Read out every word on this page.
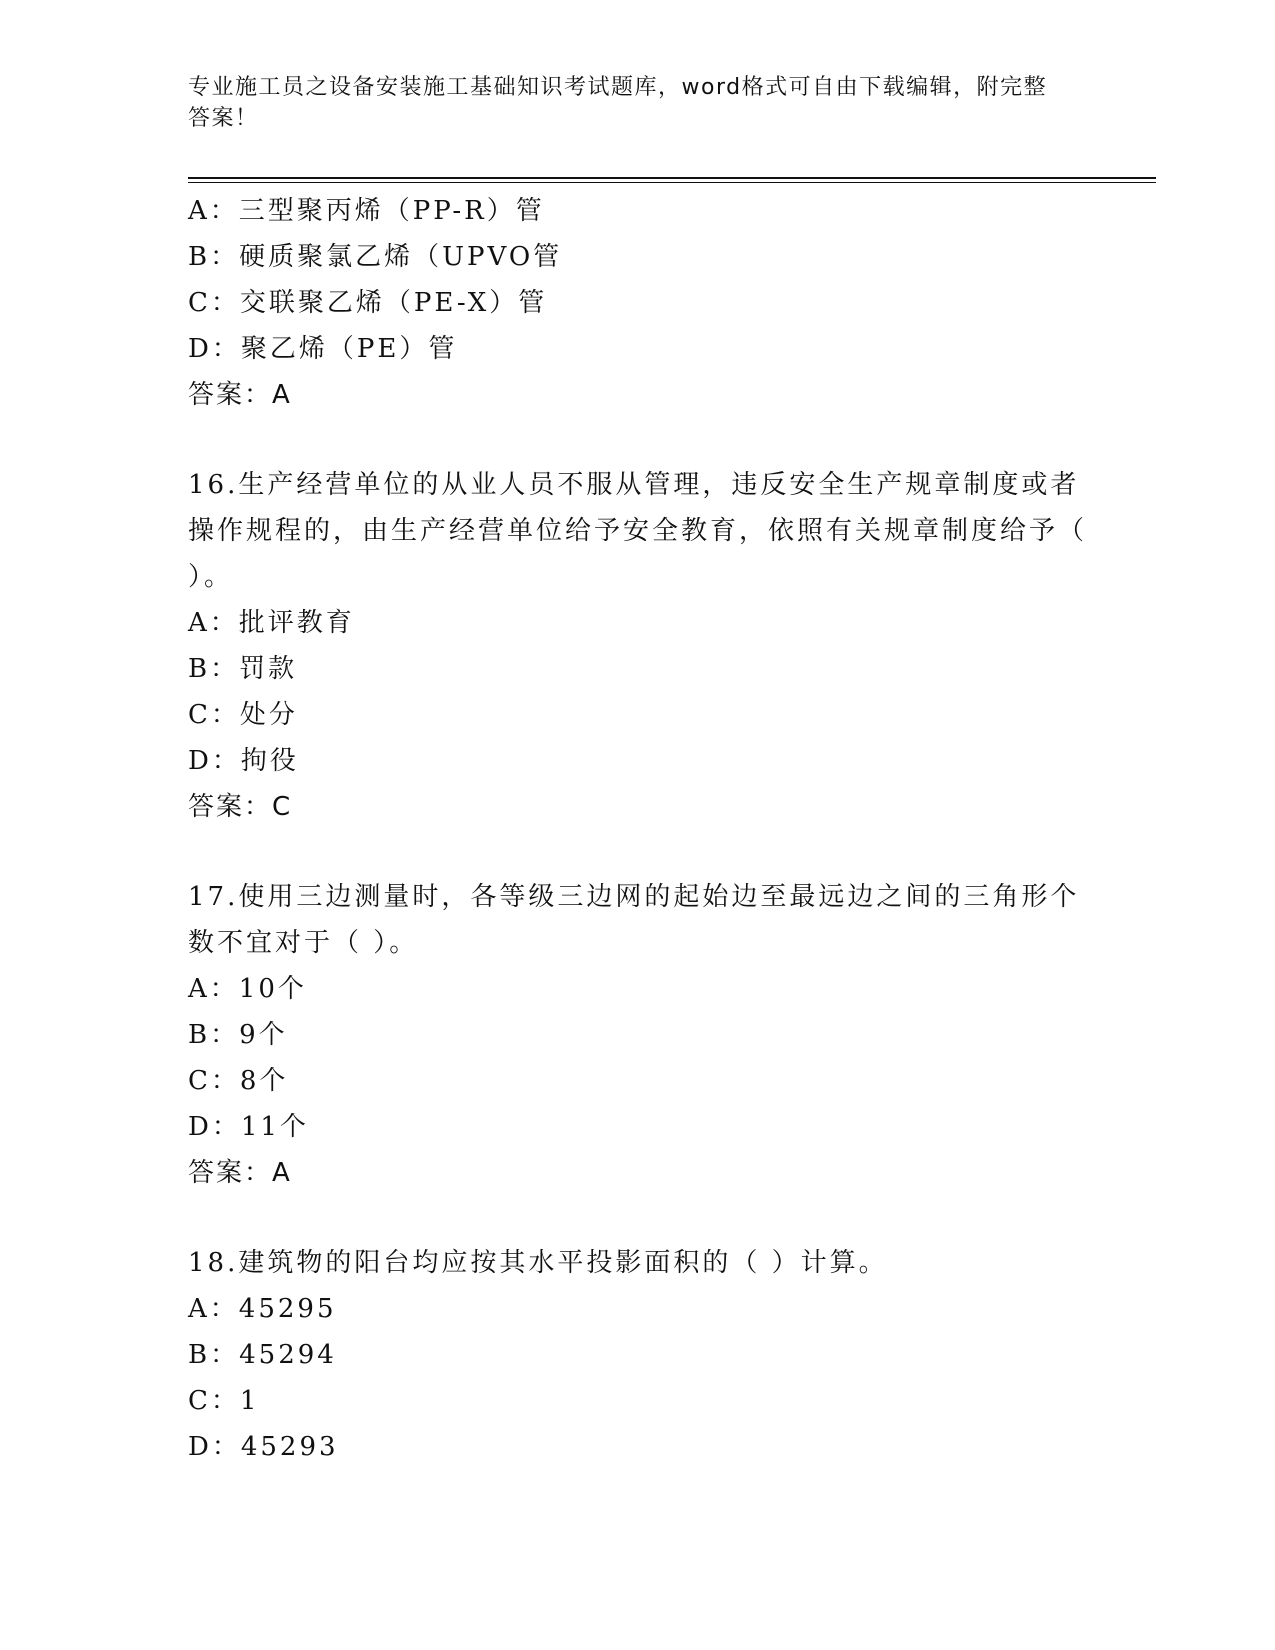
专业施工员之设备安装施工基础知识考试题库，word格式可自由下载编辑，附完整答案！
A：三型聚丙烯（PP-R）管
B：硬质聚氯乙烯（UPVO管
C：交联聚乙烯（PE-X）管
D：聚乙烯（PE）管
答案：A
16.生产经营单位的从业人员不服从管理，违反安全生产规章制度或者操作规程的，由生产经营单位给予安全教育，依照有关规章制度给予（ ）。
A：批评教育
B：罚款
C：处分
D：拘役
答案：C
17.使用三边测量时，各等级三边网的起始边至最远边之间的三角形个数不宜对于（ ）。
A：10个
B：9个
C：8个
D：11个
答案：A
18.建筑物的阳台均应按其水平投影面积的（ ）计算。
A：45295
B：45294
C：1
D：45293
